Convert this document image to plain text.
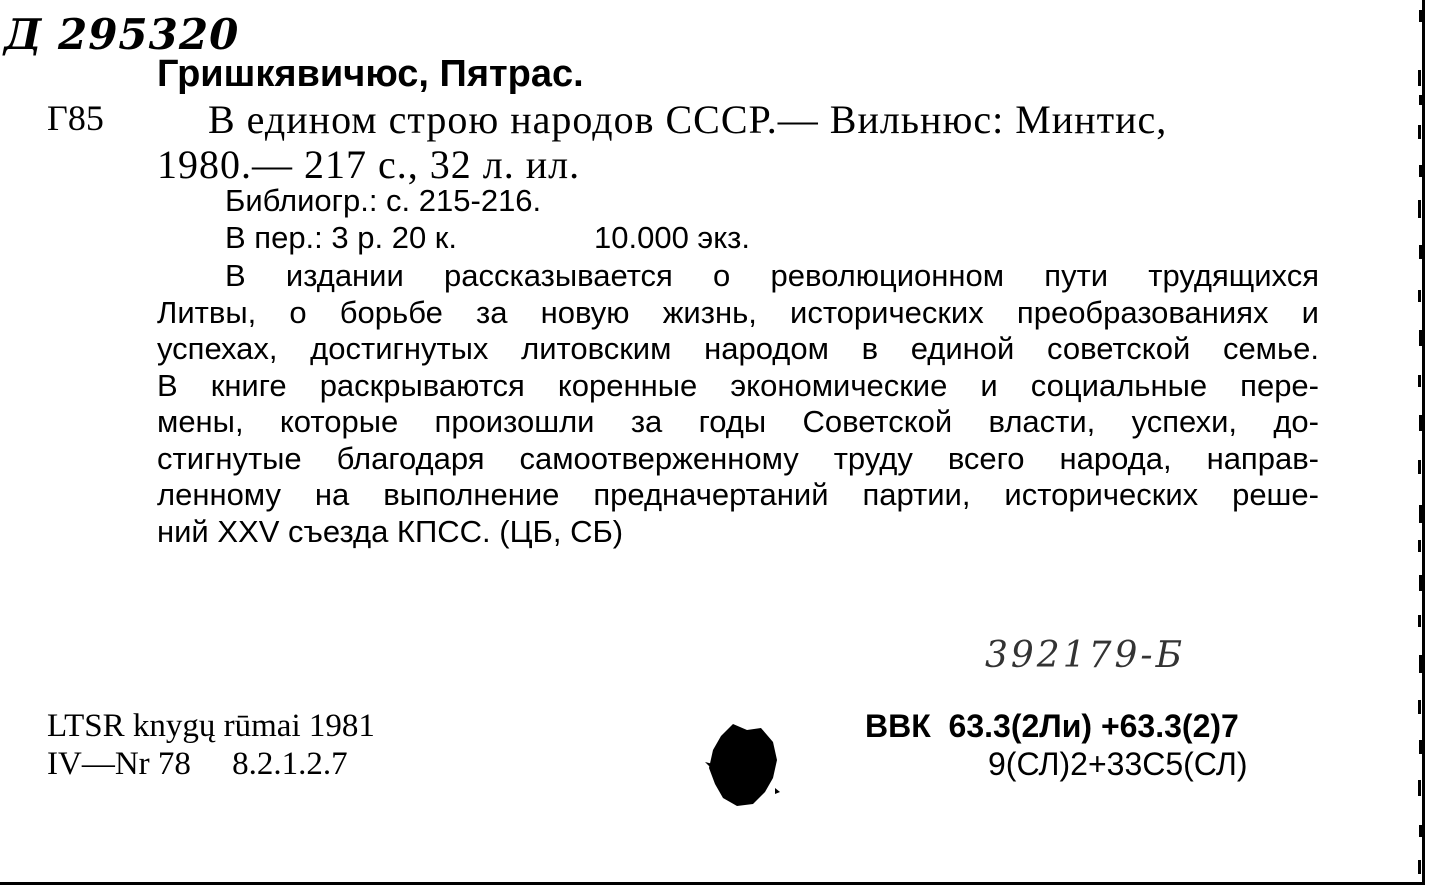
Д 295320
Гришкявичюс, Пятрас.
Г85	В едином строю народов СССР.— Вильнюс: Минтис,
1980.— 217 с., 32 л. ил.
Библиогр.: с. 215-216.
В пер.: 3 р. 20 к.	10.000 экз.
В издании рассказывается о революционном пути трудящихся
Литвы, о борьбе за новую жизнь, исторических преобразованиях и
успехах, достигнутых литовским народом в единой советской семье.
В книге раскрываются коренные экономические и социальные пере-
мены, которые произошли за годы Советской власти, успехи, до-
стигнутые благодаря самоотверженному труду всего народа, направ-
ленному на выполнение предначертаний партии, исторических реше-
ний XXV съезда КПСС. (ЦБ, СБ)
392179-Б
LTSR knygų rūmai 1981
IV—Nr 78     8.2.1.2.7
ВВК  63.3(2Ли) +63.3(2)7
9(СЛ)2+33С5(СЛ)
